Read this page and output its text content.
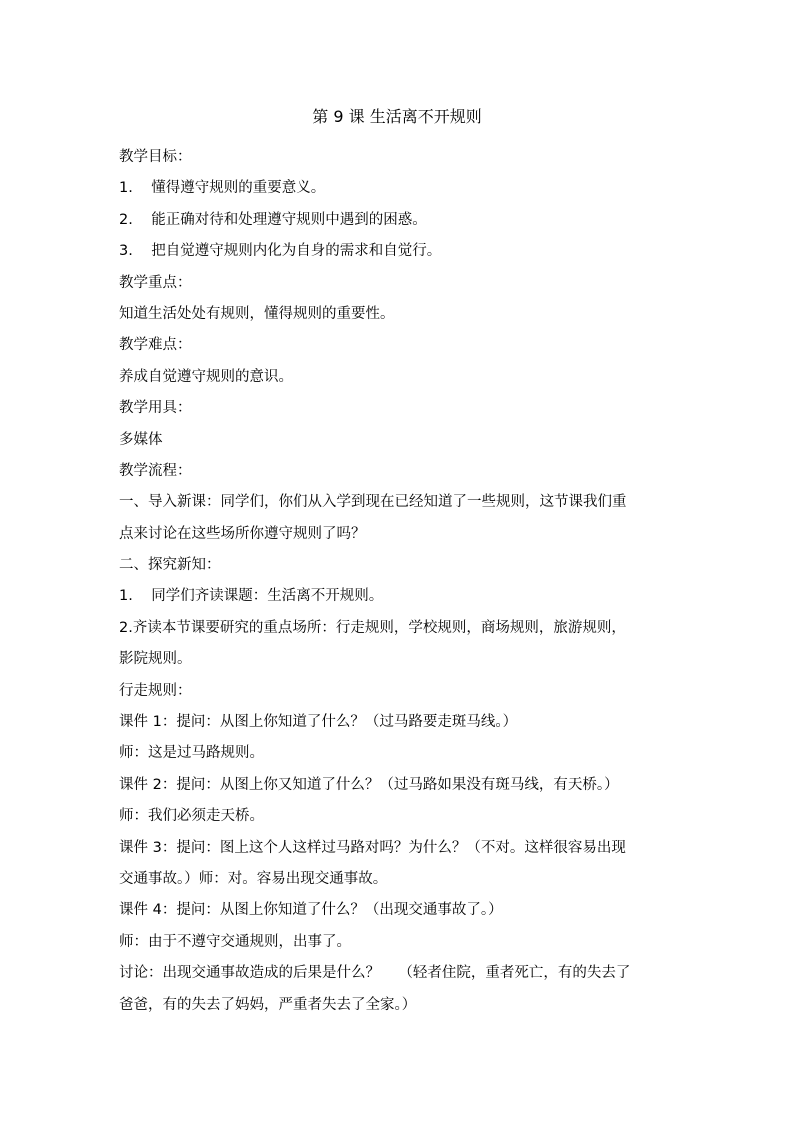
第 9 课 生活离不开规则
教学目标：
1.    懂得遵守规则的重要意义。
2.    能正确对待和处理遵守规则中遇到的困惑。
3.    把自觉遵守规则内化为自身的需求和自觉行。
教学重点：
知道生活处处有规则，懂得规则的重要性。
教学难点：
养成自觉遵守规则的意识。
教学用具：
多媒体
教学流程：
一、导入新课：同学们，你们从入学到现在已经知道了一些规则，这节课我们重
点来讨论在这些场所你遵守规则了吗？
二、探究新知：
1.    同学们齐读课题：生活离不开规则。
2.齐读本节课要研究的重点场所：行走规则，学校规则，商场规则，旅游规则，
影院规则。
行走规则：
课件 1：提问：从图上你知道了什么？（过马路要走斑马线。）
师：这是过马路规则。
课件 2：提问：从图上你又知道了什么？（过马路如果没有斑马线，有天桥。）
师：我们必须走天桥。
课件 3：提问：图上这个人这样过马路对吗？为什么？（不对。这样很容易出现
交通事故。）师：对。容易出现交通事故。
课件 4：提问：从图上你知道了什么？（出现交通事故了。）
师：由于不遵守交通规则，出事了。
讨论：出现交通事故造成的后果是什么？    （轻者住院，重者死亡，有的失去了
爸爸，有的失去了妈妈，严重者失去了全家。）
